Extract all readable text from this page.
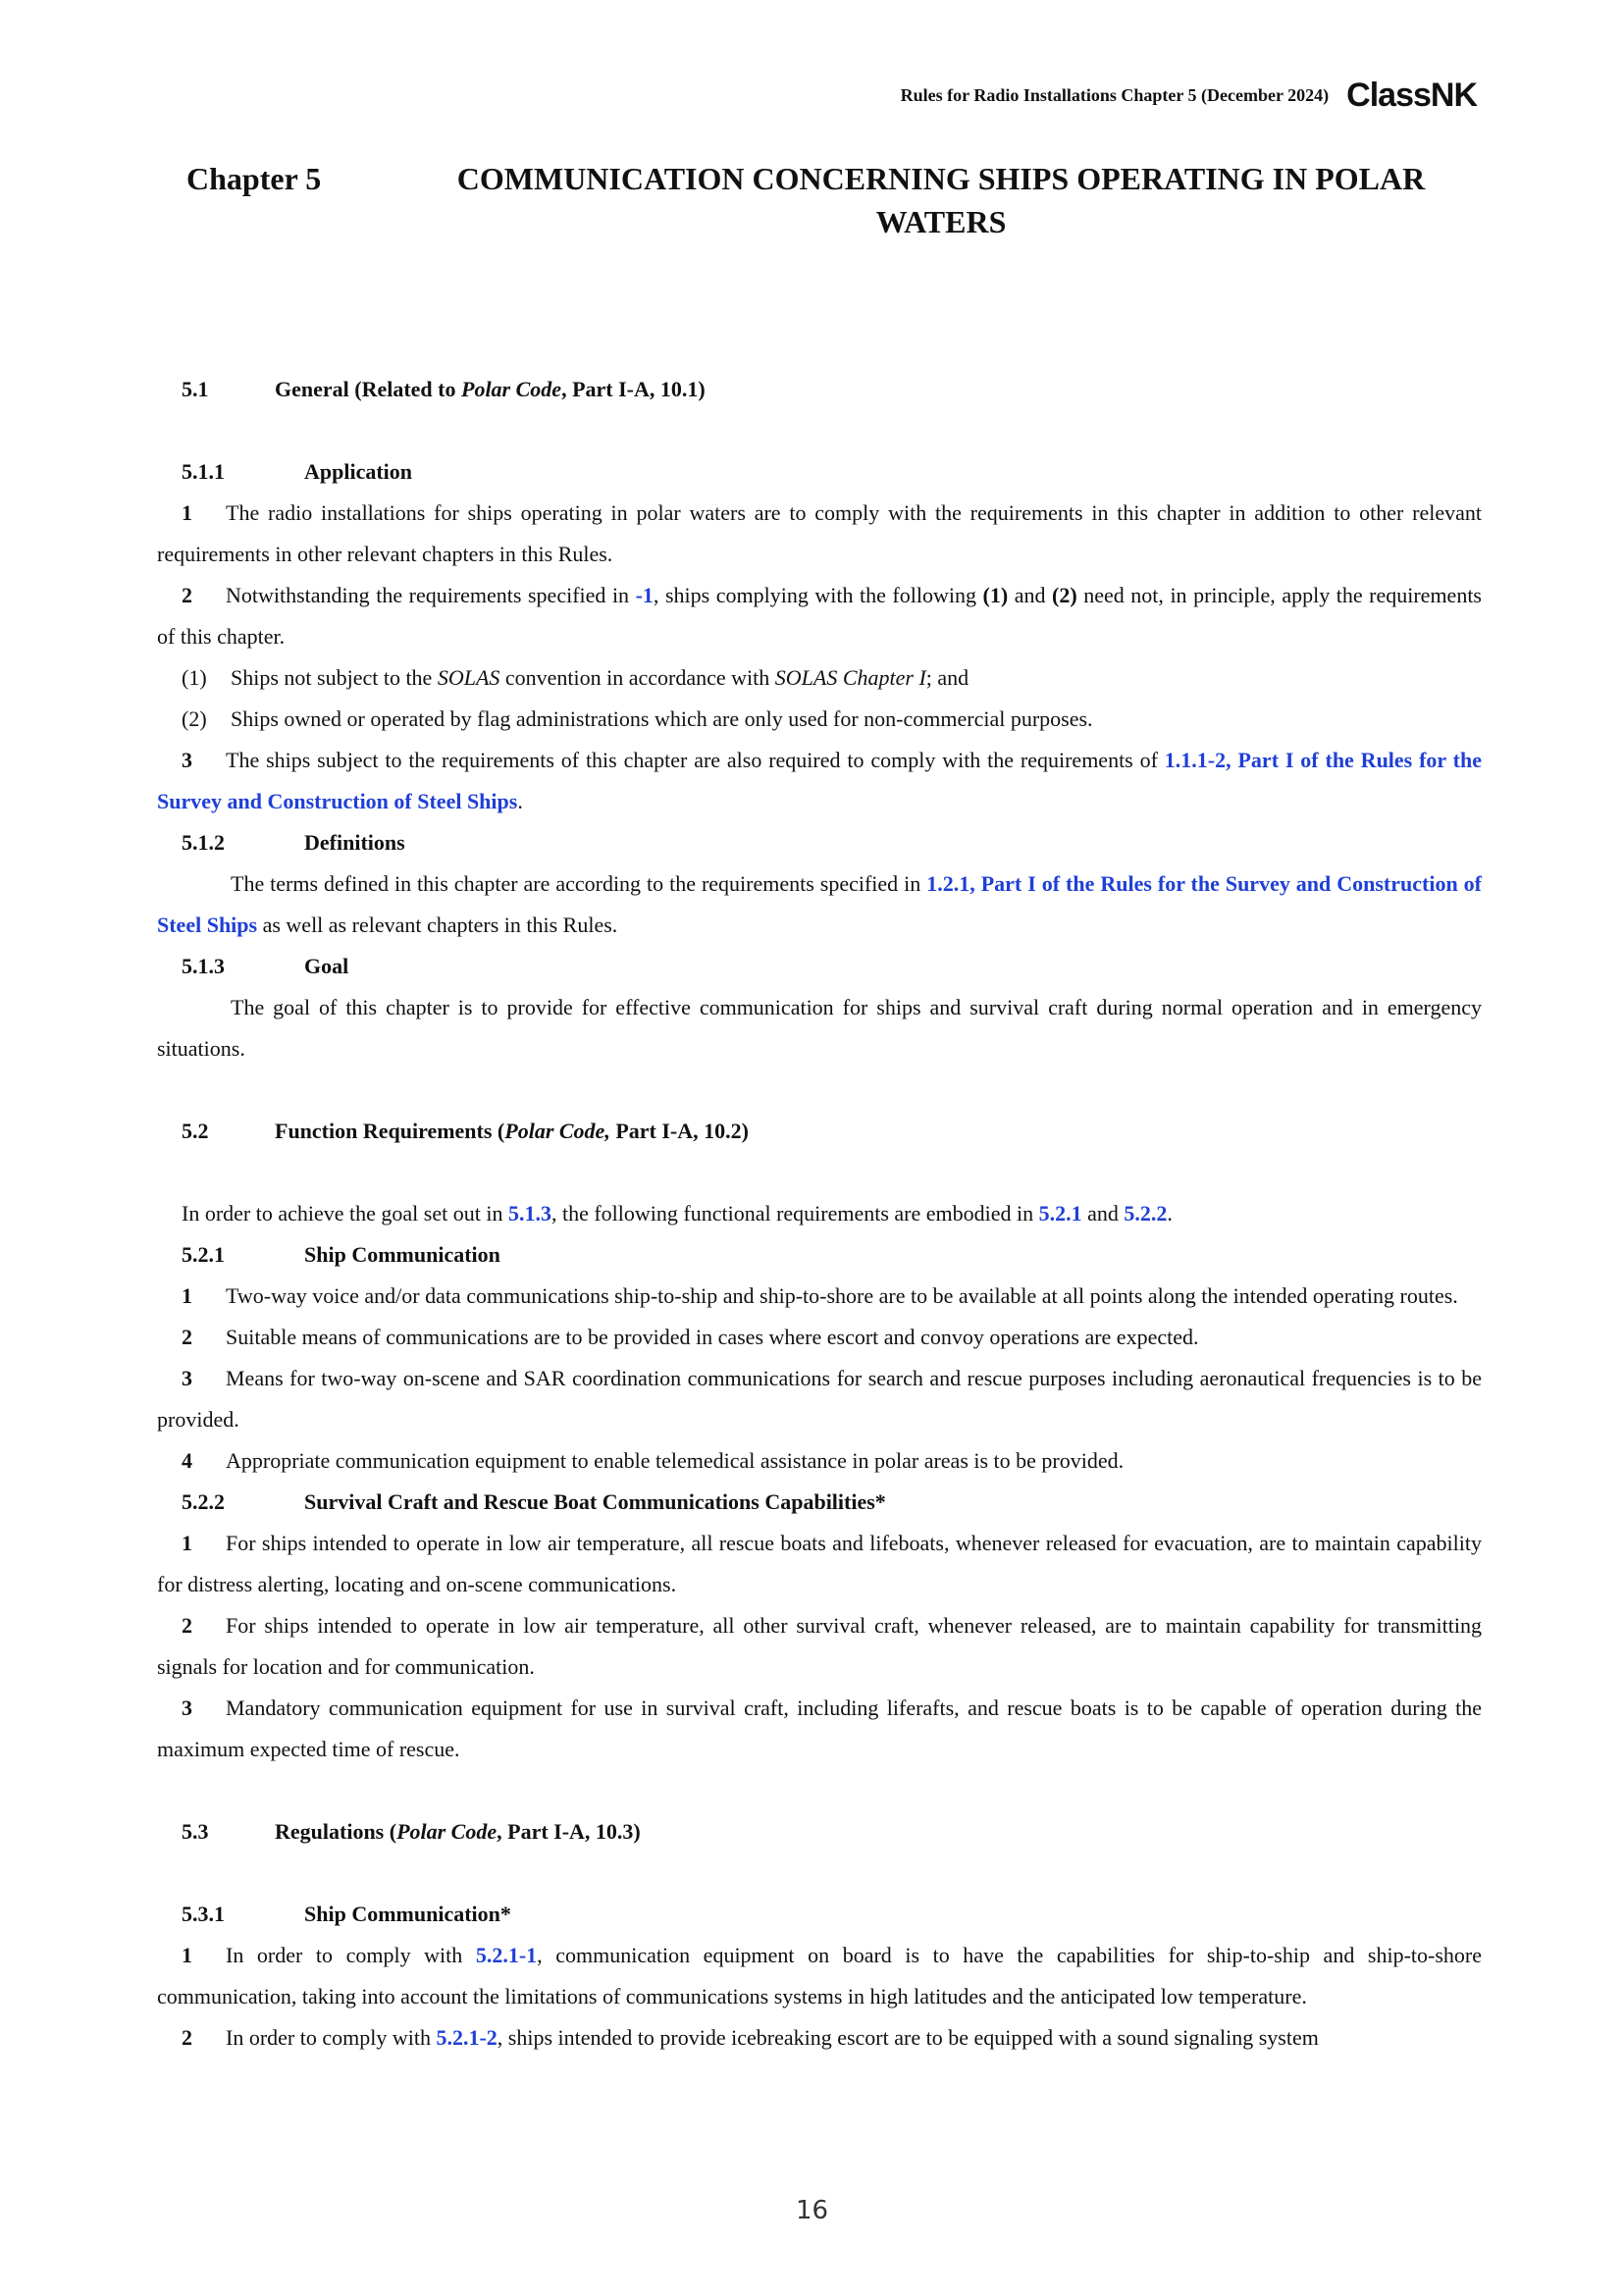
Rules for Radio Installations Chapter 5 (December 2024) ClassNK
Chapter 5	COMMUNICATION CONCERNING SHIPS OPERATING IN POLAR WATERS
5.1	General (Related to Polar Code, Part I-A, 10.1)
5.1.1	Application
1 The radio installations for ships operating in polar waters are to comply with the requirements in this chapter in addition to other relevant requirements in other relevant chapters in this Rules.
2 Notwithstanding the requirements specified in -1, ships complying with the following (1) and (2) need not, in principle, apply the requirements of this chapter.
(1) Ships not subject to the SOLAS convention in accordance with SOLAS Chapter I; and
(2) Ships owned or operated by flag administrations which are only used for non-commercial purposes.
3 The ships subject to the requirements of this chapter are also required to comply with the requirements of 1.1.1-2, Part I of the Rules for the Survey and Construction of Steel Ships.
5.1.2	Definitions
The terms defined in this chapter are according to the requirements specified in 1.2.1, Part I of the Rules for the Survey and Construction of Steel Ships as well as relevant chapters in this Rules.
5.1.3	Goal
The goal of this chapter is to provide for effective communication for ships and survival craft during normal operation and in emergency situations.
5.2	Function Requirements (Polar Code, Part I-A, 10.2)
In order to achieve the goal set out in 5.1.3, the following functional requirements are embodied in 5.2.1 and 5.2.2.
5.2.1	Ship Communication
1 Two-way voice and/or data communications ship-to-ship and ship-to-shore are to be available at all points along the intended operating routes.
2 Suitable means of communications are to be provided in cases where escort and convoy operations are expected.
3 Means for two-way on-scene and SAR coordination communications for search and rescue purposes including aeronautical frequencies is to be provided.
4 Appropriate communication equipment to enable telemedical assistance in polar areas is to be provided.
5.2.2	Survival Craft and Rescue Boat Communications Capabilities*
1 For ships intended to operate in low air temperature, all rescue boats and lifeboats, whenever released for evacuation, are to maintain capability for distress alerting, locating and on-scene communications.
2 For ships intended to operate in low air temperature, all other survival craft, whenever released, are to maintain capability for transmitting signals for location and for communication.
3 Mandatory communication equipment for use in survival craft, including liferafts, and rescue boats is to be capable of operation during the maximum expected time of rescue.
5.3	Regulations (Polar Code, Part I-A, 10.3)
5.3.1	Ship Communication*
1 In order to comply with 5.2.1-1, communication equipment on board is to have the capabilities for ship-to-ship and ship-to-shore communication, taking into account the limitations of communications systems in high latitudes and the anticipated low temperature.
2 In order to comply with 5.2.1-2, ships intended to provide icebreaking escort are to be equipped with a sound signaling system
16
